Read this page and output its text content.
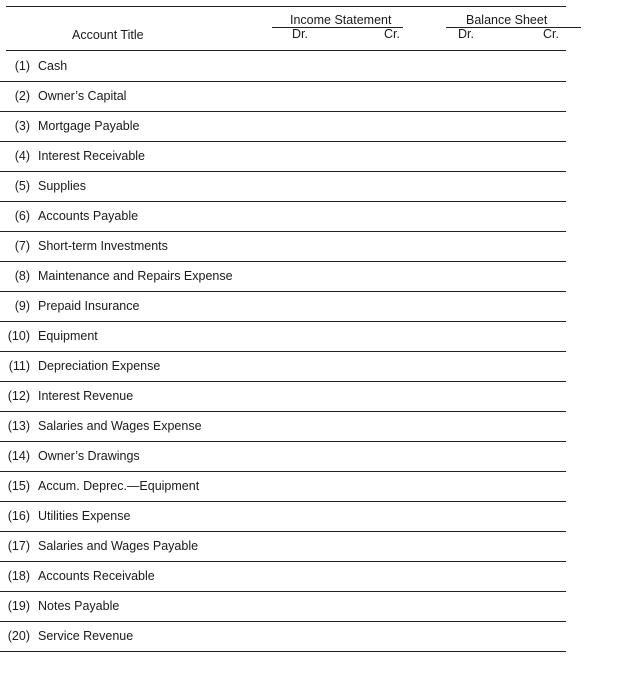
Income Statement	Balance Sheet
Account Title	Dr.	Cr.	Dr.	Cr.
(1) Cash
(2) Owner’s Capital
(3) Mortgage Payable
(4) Interest Receivable
(5) Supplies
(6) Accounts Payable
(7) Short-term Investments
(8) Maintenance and Repairs Expense
(9) Prepaid Insurance
(10) Equipment
(11) Depreciation Expense
(12) Interest Revenue
(13) Salaries and Wages Expense
(14) Owner’s Drawings
(15) Accum. Deprec.—Equipment
(16) Utilities Expense
(17) Salaries and Wages Payable
(18) Accounts Receivable
(19) Notes Payable
(20) Service Revenue
